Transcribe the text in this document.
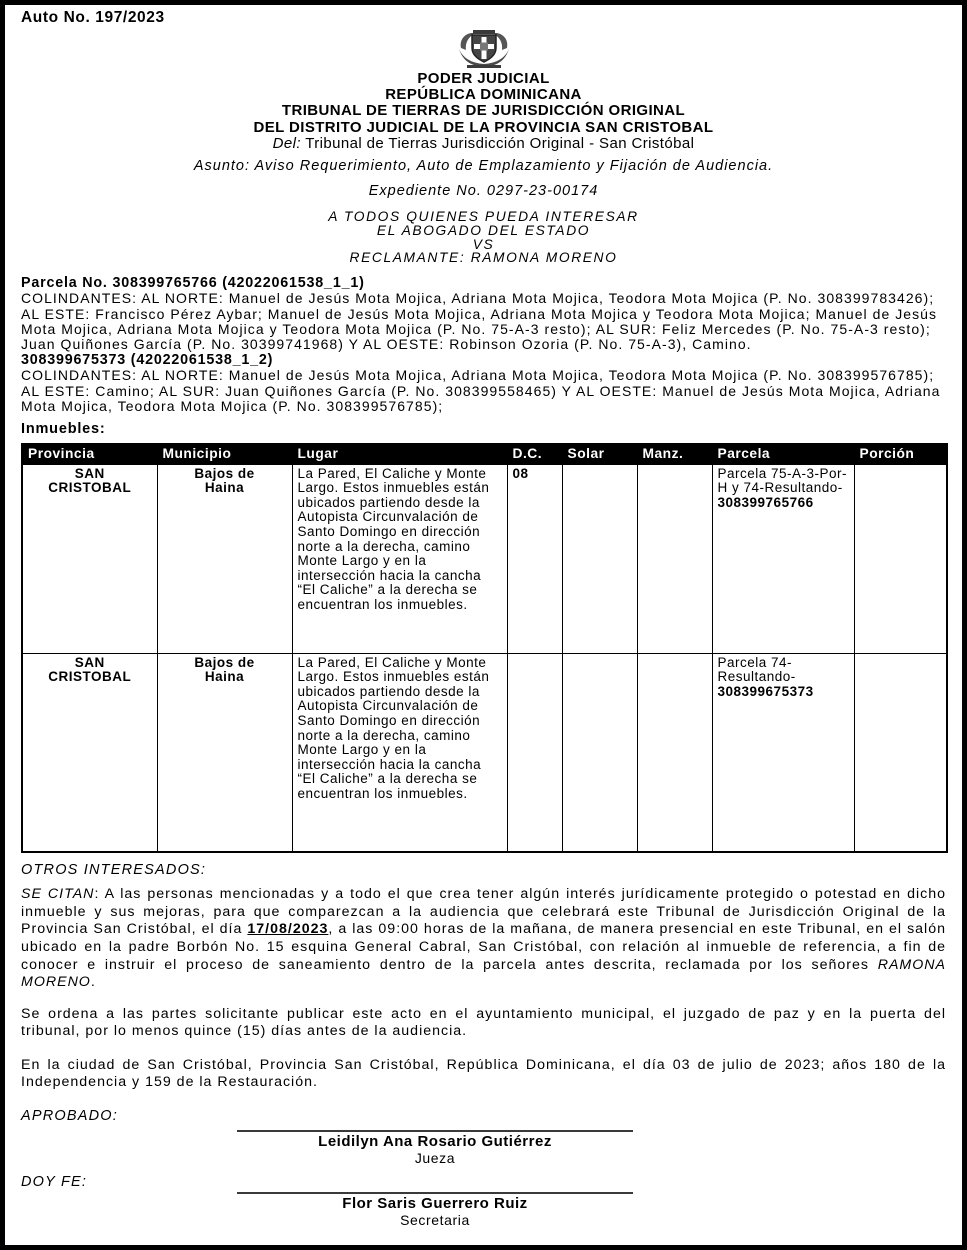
Auto No. 197/2023
PODER JUDICIAL
REPÚBLICA DOMINICANA
TRIBUNAL DE TIERRAS DE JURISDICCIÓN ORIGINAL
DEL DISTRITO JUDICIAL DE LA PROVINCIA SAN CRISTOBAL
Del: Tribunal de Tierras Jurisdicción Original - San Cristóbal
Asunto: Aviso Requerimiento, Auto de Emplazamiento y Fijación de Audiencia.
Expediente No. 0297-23-00174
A TODOS QUIENES PUEDA INTERESAR
EL ABOGADO DEL ESTADO
VS
RECLAMANTE: RAMONA MORENO
Parcela No. 308399765766 (42022061538_1_1)
COLINDANTES: AL NORTE: Manuel de Jesús Mota Mojica, Adriana Mota Mojica, Teodora Mota Mojica (P. No. 308399783426); AL ESTE: Francisco Pérez Aybar; Manuel de Jesús Mota Mojica, Adriana Mota Mojica y Teodora Mota Mojica; Manuel de Jesús Mota Mojica, Adriana Mota Mojica y Teodora Mota Mojica (P. No. 75-A-3 resto); AL SUR: Feliz Mercedes (P. No. 75-A-3 resto); Juan Quiñones García (P. No. 30399741968) Y AL OESTE: Robinson Ozoria (P. No. 75-A-3), Camino.
308399675373 (42022061538_1_2)
COLINDANTES: AL NORTE: Manuel de Jesús Mota Mojica, Adriana Mota Mojica, Teodora Mota Mojica (P. No. 308399576785); AL ESTE: Camino; AL SUR: Juan Quiñones García (P. No. 308399558465) Y AL OESTE: Manuel de Jesús Mota Mojica, Adriana Mota Mojica, Teodora Mota Mojica (P. No. 308399576785);
Inmuebles:
Provincia	Municipio	Lugar	D.C.	Solar	Manz.	Parcela	Porción

SAN CRISTOBAL	Bajos de Haina	La Pared, El Caliche y Monte Largo. Estos inmuebles están ubicados partiendo desde la Autopista Circunvalación de Santo Domingo en dirección norte a la derecha, camino Monte Largo y en la intersección hacia la cancha “El Caliche” a la derecha se encuentran los inmuebles.	08			Parcela 75-A-3-Por-H y 74-Resultando-308399765766	

SAN CRISTOBAL	Bajos de Haina	La Pared, El Caliche y Monte Largo. Estos inmuebles están ubicados partiendo desde la Autopista Circunvalación de Santo Domingo en dirección norte a la derecha, camino Monte Largo y en la intersección hacia la cancha “El Caliche” a la derecha se encuentran los inmuebles.				Parcela 74-Resultando-308399675373	
OTROS INTERESADOS:
SE CITAN: A las personas mencionadas y a todo el que crea tener algún interés jurídicamente protegido o potestad en dicho inmueble y sus mejoras, para que comparezcan a la audiencia que celebrará este Tribunal de Jurisdicción Original de la Provincia San Cristóbal, el día 17/08/2023, a las 09:00 horas de la mañana, de manera presencial en este Tribunal, en el salón ubicado en la padre Borbón No. 15 esquina General Cabral, San Cristóbal, con relación al inmueble de referencia, a fin de conocer e instruir el proceso de saneamiento dentro de la parcela antes descrita, reclamada por los señores RAMONA MORENO.
Se ordena a las partes solicitante publicar este acto en el ayuntamiento municipal, el juzgado de paz y en la puerta del tribunal, por lo menos quince (15) días antes de la audiencia.
En la ciudad de San Cristóbal, Provincia San Cristóbal, República Dominicana, el día 03 de julio de 2023; años 180 de la Independencia y 159 de la Restauración.
APROBADO:
Leidilyn Ana Rosario Gutiérrez
Jueza
DOY FE:
Flor Saris Guerrero Ruiz
Secretaria
